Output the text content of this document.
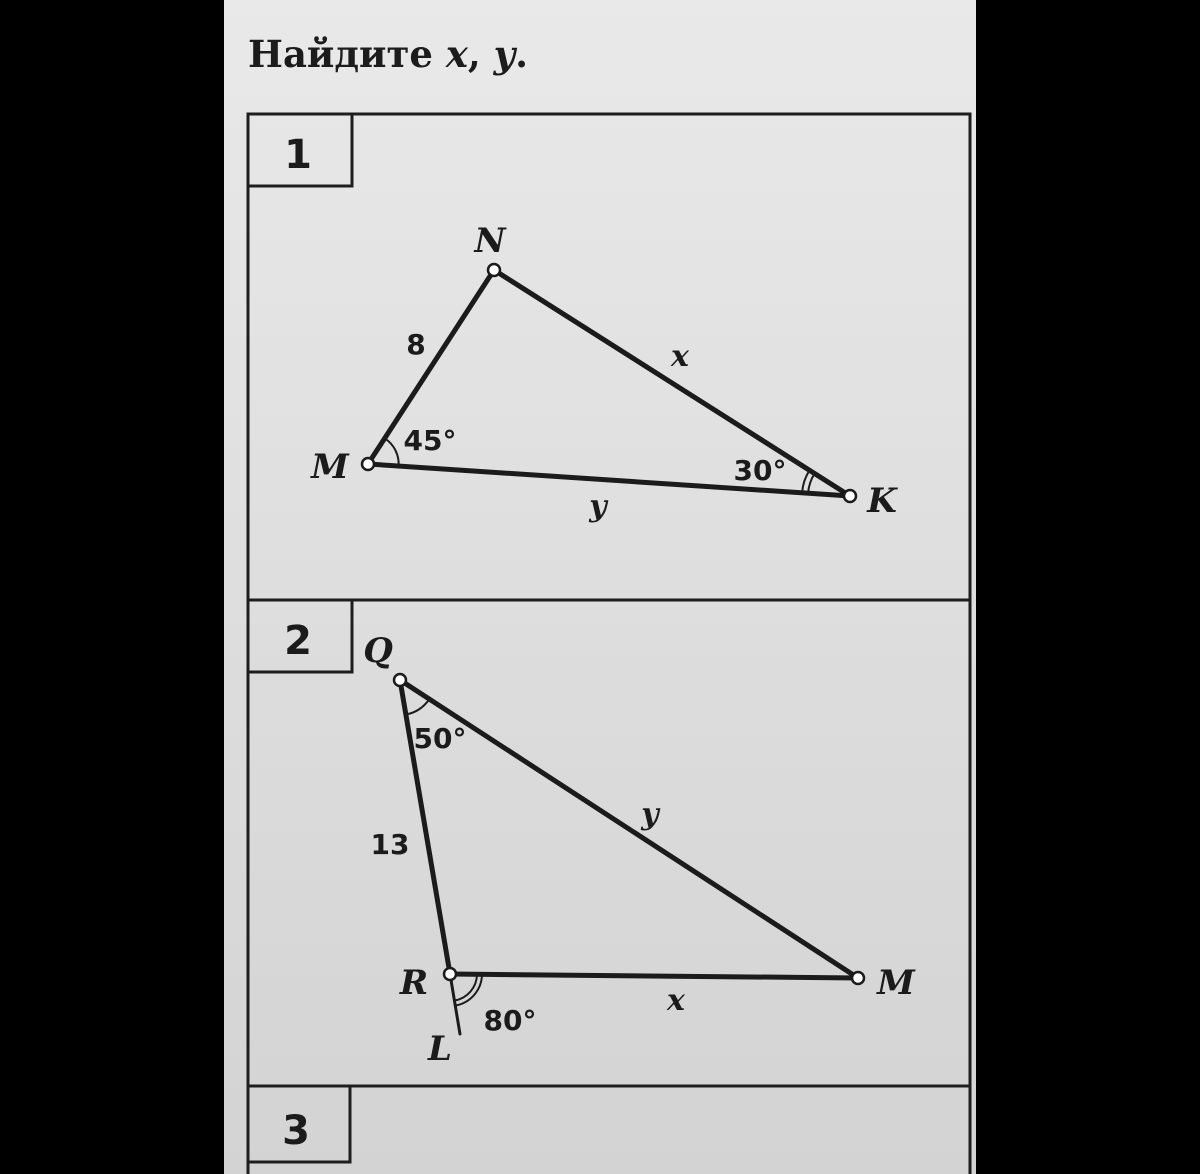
Найдите x, y.
1
2
3
N
M
K
8	x
y
45°
30°
Q
R	M
L
13
y
x
50°
80°
